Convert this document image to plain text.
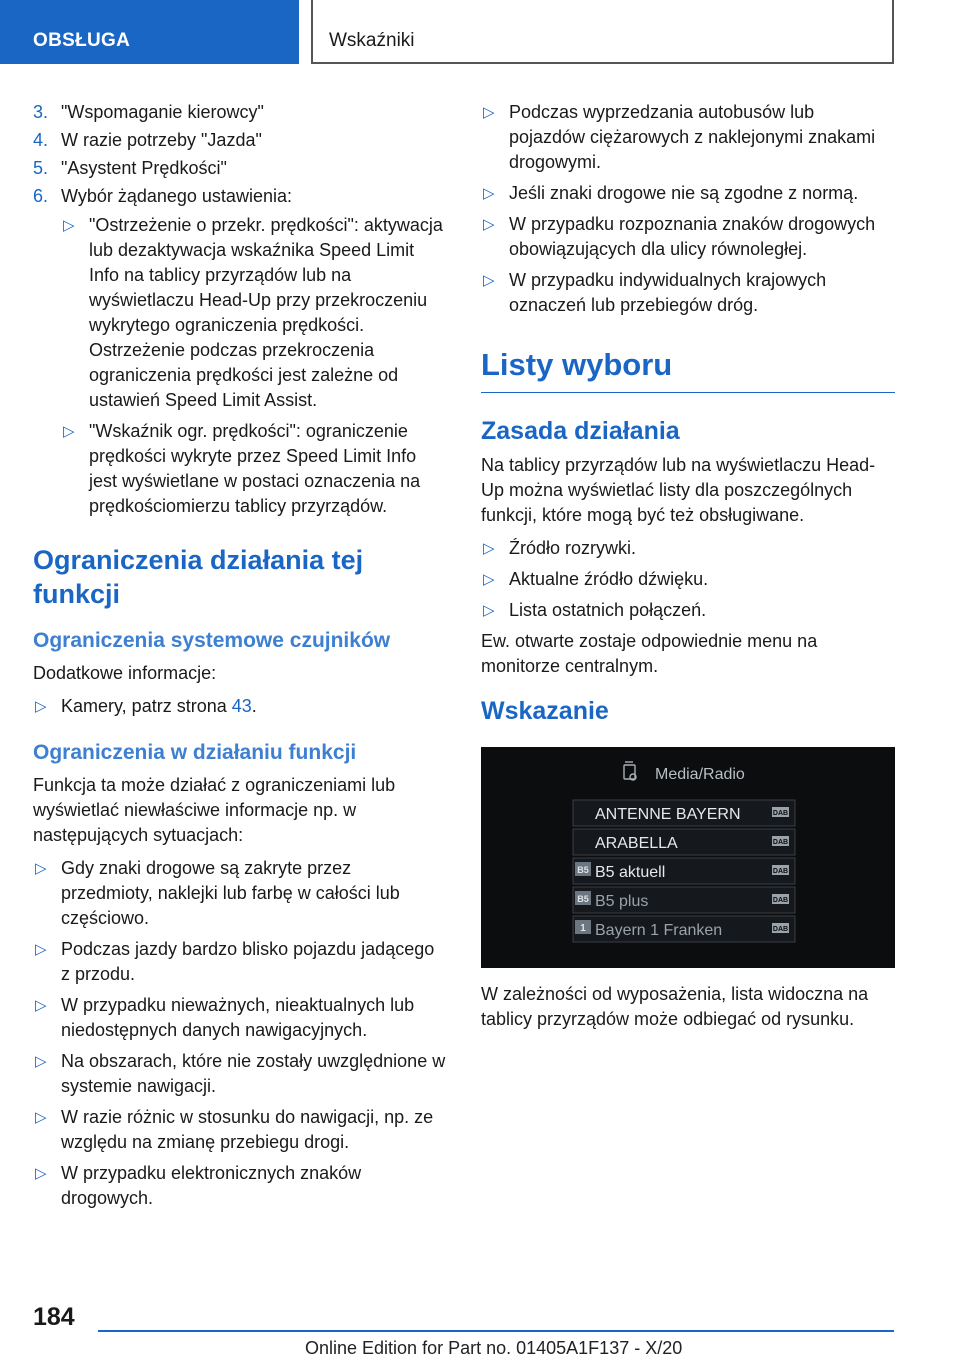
OBSŁUGA	Wskaźniki
3. "Wspomaganie kierowcy"
4. W razie potrzeby "Jazda"
5. "Asystent Prędkości"
6. Wybór żądanego ustawienia:
▷ "Ostrzeżenie o przekr. prędkości": aktywacja lub dezaktywacja wskaźnika Speed Limit Info na tablicy przyrządów lub na wyświetlaczu Head-Up przy przekroczeniu wykrytego ograniczenia prędkości. Ostrzeżenie podczas przekroczenia ograniczenia prędkości jest zależne od ustawień Speed Limit Assist.
▷ "Wskaźnik ogr. prędkości": ograniczenie prędkości wykryte przez Speed Limit Info jest wyświetlane w postaci oznaczenia na prędkościomierzu tablicy przyrządów.
Ograniczenia działania tej funkcji
Ograniczenia systemowe czujników
Dodatkowe informacje:
▷ Kamery, patrz strona 43.
Ograniczenia w działaniu funkcji
Funkcja ta może działać z ograniczeniami lub wyświetlać niewłaściwe informacje np. w następujących sytuacjach:
▷ Gdy znaki drogowe są zakryte przez przedmioty, naklejki lub farbę w całości lub częściowo.
▷ Podczas jazdy bardzo blisko pojazdu jadącego z przodu.
▷ W przypadku nieważnych, nieaktualnych lub niedostępnych danych nawigacyjnych.
▷ Na obszarach, które nie zostały uwzględnione w systemie nawigacji.
▷ W razie różnic w stosunku do nawigacji, np. ze względu na zmianę przebiegu drogi.
▷ W przypadku elektronicznych znaków drogowych.
▷ Podczas wyprzedzania autobusów lub pojazdów ciężarowych z naklejonymi znakami drogowymi.
▷ Jeśli znaki drogowe nie są zgodne z normą.
▷ W przypadku rozpoznania znaków drogowych obowiązujących dla ulicy równoległej.
▷ W przypadku indywidualnych krajowych oznaczeń lub przebiegów dróg.
Listy wyboru
Zasada działania
Na tablicy przyrządów lub na wyświetlaczu Head-Up można wyświetlać listy dla poszczególnych funkcji, które mogą być też obsługiwane.
▷ Źródło rozrywki.
▷ Aktualne źródło dźwięku.
▷ Lista ostatnich połączeń.
Ew. otwarte zostaje odpowiednie menu na monitorze centralnym.
Wskazanie
Media/Radio
B5
B5
1
ANTENNE BAYERN
ARABELLA
B5 aktuell
B5 plus
Bayern 1 Franken
DAB
DAB
DAB
DAB
DAB
W zależności od wyposażenia, lista widoczna na tablicy przyrządów może odbiegać od rysunku.
184
Online Edition for Part no. 01405A1F137 - X/20
